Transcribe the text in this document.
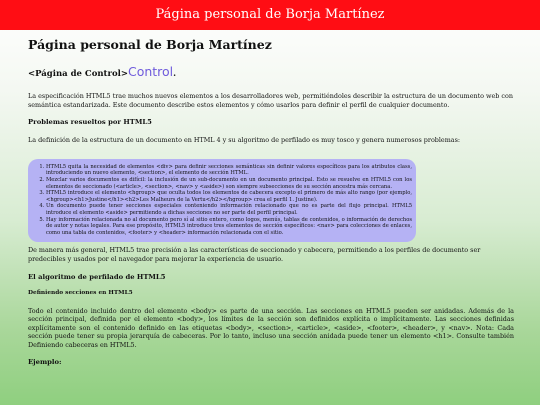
Página personal de Borja Martínez
Página personal de Borja Martínez
<Página de Control>Control.

La especificación HTML5 trae muchos nuevos elementos a los desarrolladores web, permitiéndoles describir la estructura de un documento web con semántica estandarizada. Este documento describe estos elementos y cómo usarlos para definir el perfil de cualquier documento.

Problemas resueltos por HTML5

La definición de la estructura de un documento en HTML 4 y su algoritmo de perfilado es muy tosco y genera numerosos problemas:

1. HTML5 quita la necesidad de elementos <div> para definir secciones semánticas sin definir valores específicos para los atributos class, introduciendo un nuevo elemento, <section>, el elemento de sección HTML.
2. Mezclar varios documentos es difícil: la inclusión de un sub-documento en un documento principal. Esto se resuelve en HTML5 con los elementos de seccionado (<article>, <section>, <nav> y <aside>) son siempre subsecciones de su sección ancestra más cercana.
3. HTML5 introduce el elemento <hgroup> que oculta todos los elementos de cabecera excepto el primero de más alto rango (por ejemplo, <hgroup><h1>Justine</h1><h2>Les Malheurs de la Vertu</h2></hgroup> crea el perfil 1. Justine).
4. Un documento puede tener secciones especiales conteniendo información relacionado que no es parte del flujo principal. HTML5 introduce el elemento <aside> permitiendo a dichas secciones no ser parte del perfil principal.
5. Hay información relacionada no al documento pero sí al sitio entero, como logos, menús, tablas de contenidos, o información de derechos de autor y notas legales. Para ese propósito, HTML5 introduce tres elementos de sección específicos: <nav> para colecciones de enlaces, como una tabla de contenidos, <footer> y <header> información relacionada con el sitio.

De manera más general, HTML5 trae precisión a las características de seccionado y cabecera, permitiendo a los perfiles de documento ser predecibles y usados por el navegador para mejorar la experiencia de usuario.

El algoritmo de perfilado de HTML5
Definiendo secciones en HTML5

Todo el contenido incluido dentro del elemento <body> es parte de una sección. Las secciones en HTML5 pueden ser anidadas. Además de la sección principal, definida por el elemento <body>, los límites de la sección son definidos explícita o implícitamente. Las secciones definidas explícitamente son el contenido definido en las etiquetas <body>, <section>, <article>, <aside>, <footer>, <header>, y <nav>. Nota: Cada sección puede tener su propia jerarquía de cabeceras. Por lo tanto, incluso una sección anidada puede tener un elemento <h1>. Consulte también Definiendo cabeceras en HTML5.

Ejemplo:
